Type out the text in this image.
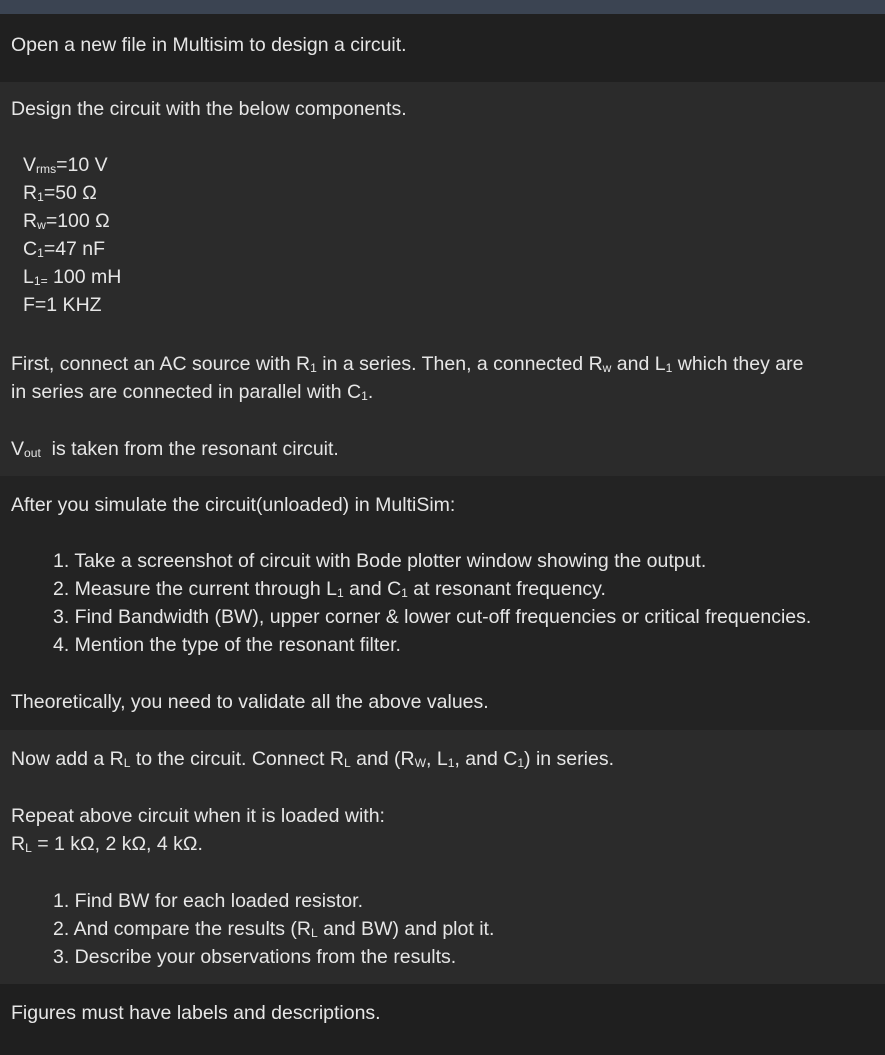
Open a new file in Multisim to design a circuit.
Design the circuit with the below components.
$V_{rms}=10$ V
$R_1=50$ Ω
$R_w=100$ Ω
$C_1=47$ nF
$L_{1=}$ 100 mH
F=1 KHZ
First, connect an AC source with $R_1$ in a series. Then, a connected $R_w$ and $L_1$ which they are
in series are connected in parallel with $C_1$.
$V_{out}$  is taken from the resonant circuit.
After you simulate the circuit(unloaded) in MultiSim:
1. Take a screenshot of circuit with Bode plotter window showing the output.
2. Measure the current through $L_1$ and $C_1$ at resonant frequency.
3. Find Bandwidth (BW), upper corner & lower cut-off frequencies or critical frequencies.
4. Mention the type of the resonant filter.
Theoretically, you need to validate all the above values.
Now add a $R_L$ to the circuit. Connect $R_L$ and ($R_W$, $L_1$, and $C_1$) in series.
Repeat above circuit when it is loaded with:
$R_L = 1$ kΩ, 2 kΩ, 4 kΩ.
1. Find BW for each loaded resistor.
2. And compare the results ($R_L$ and BW) and plot it.
3. Describe your observations from the results.
Figures must have labels and descriptions.
